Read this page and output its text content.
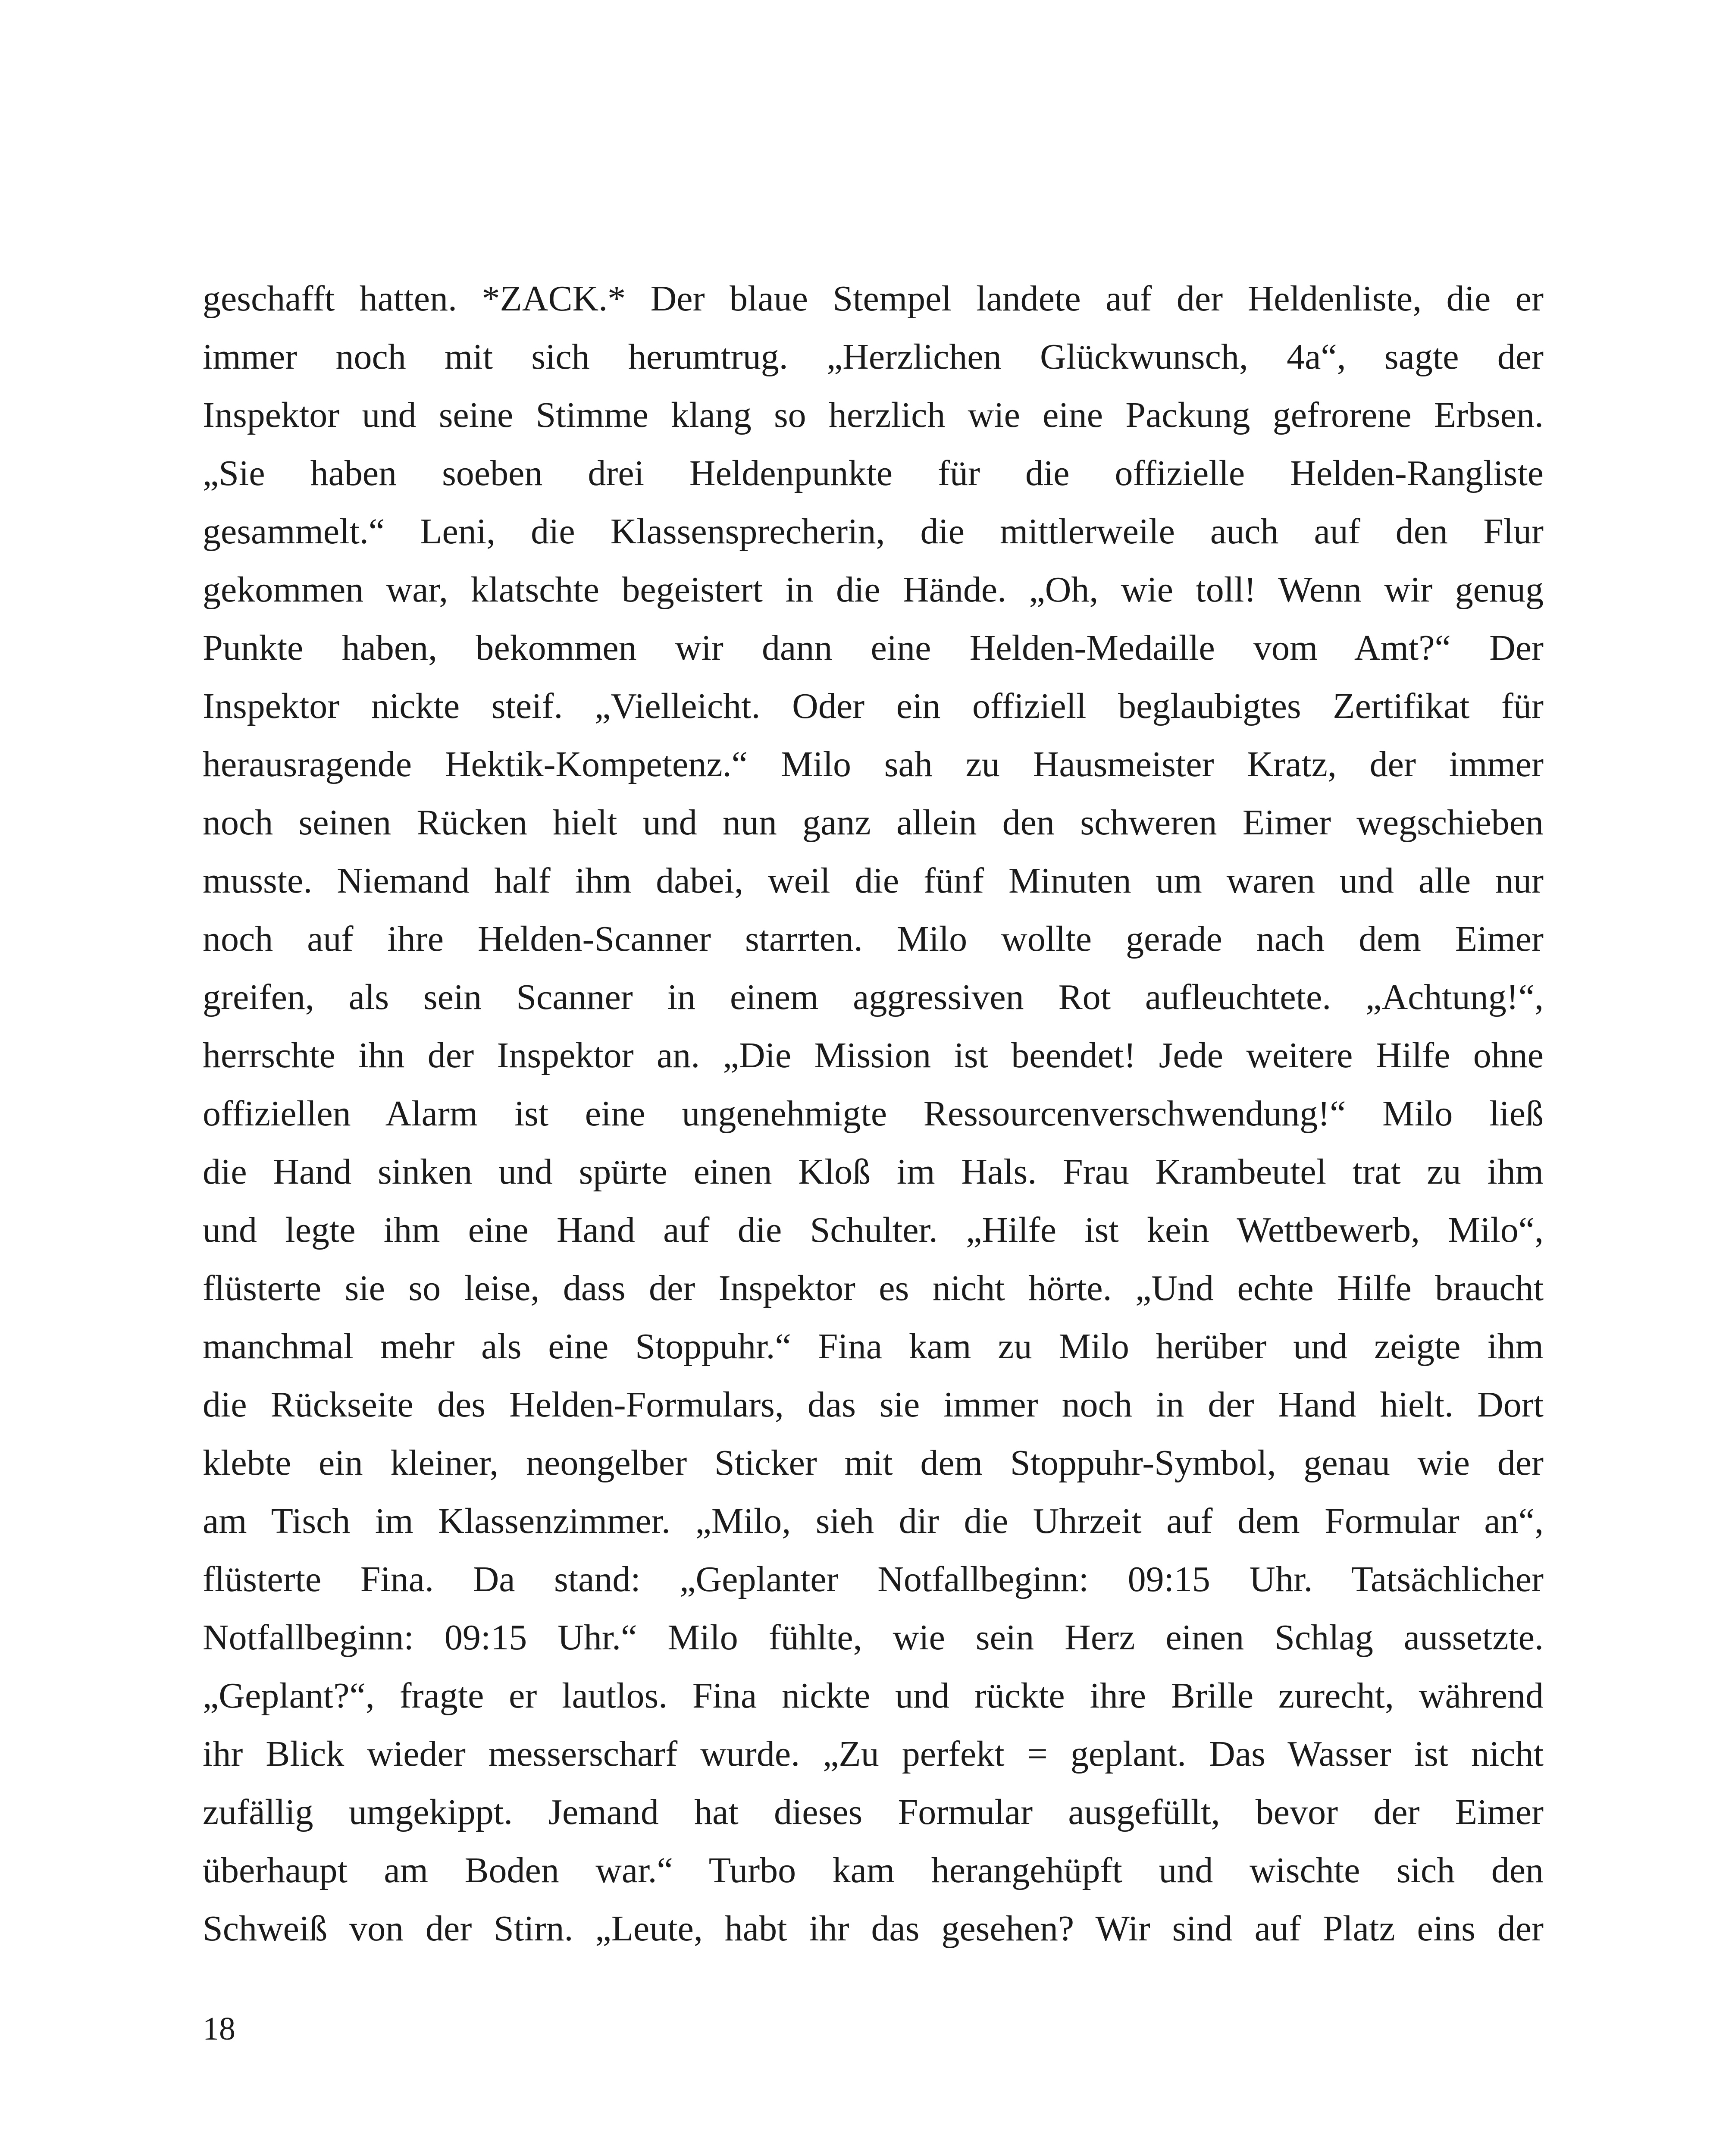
geschafft hatten. *ZACK.* Der blaue Stempel landete auf der Heldenliste, die er
immer noch mit sich herumtrug. „Herzlichen Glückwunsch, 4a“, sagte der
Inspektor und seine Stimme klang so herzlich wie eine Packung gefrorene Erbsen.
„Sie haben soeben drei Heldenpunkte für die offizielle Helden-Rangliste
gesammelt.“ Leni, die Klassensprecherin, die mittlerweile auch auf den Flur
gekommen war, klatschte begeistert in die Hände. „Oh, wie toll! Wenn wir genug
Punkte haben, bekommen wir dann eine Helden-Medaille vom Amt?“ Der
Inspektor nickte steif. „Vielleicht. Oder ein offiziell beglaubigtes Zertifikat für
herausragende Hektik-Kompetenz.“ Milo sah zu Hausmeister Kratz, der immer
noch seinen Rücken hielt und nun ganz allein den schweren Eimer wegschieben
musste. Niemand half ihm dabei, weil die fünf Minuten um waren und alle nur
noch auf ihre Helden-Scanner starrten. Milo wollte gerade nach dem Eimer
greifen, als sein Scanner in einem aggressiven Rot aufleuchtete. „Achtung!“,
herrschte ihn der Inspektor an. „Die Mission ist beendet! Jede weitere Hilfe ohne
offiziellen Alarm ist eine ungenehmigte Ressourcenverschwendung!“ Milo ließ
die Hand sinken und spürte einen Kloß im Hals. Frau Krambeutel trat zu ihm
und legte ihm eine Hand auf die Schulter. „Hilfe ist kein Wettbewerb, Milo“,
flüsterte sie so leise, dass der Inspektor es nicht hörte. „Und echte Hilfe braucht
manchmal mehr als eine Stoppuhr.“ Fina kam zu Milo herüber und zeigte ihm
die Rückseite des Helden-Formulars, das sie immer noch in der Hand hielt. Dort
klebte ein kleiner, neongelber Sticker mit dem Stoppuhr-Symbol, genau wie der
am Tisch im Klassenzimmer. „Milo, sieh dir die Uhrzeit auf dem Formular an“,
flüsterte Fina. Da stand: „Geplanter Notfallbeginn: 09:15 Uhr. Tatsächlicher
Notfallbeginn: 09:15 Uhr.“ Milo fühlte, wie sein Herz einen Schlag aussetzte.
„Geplant?“, fragte er lautlos. Fina nickte und rückte ihre Brille zurecht, während
ihr Blick wieder messerscharf wurde. „Zu perfekt = geplant. Das Wasser ist nicht
zufällig umgekippt. Jemand hat dieses Formular ausgefüllt, bevor der Eimer
überhaupt am Boden war.“ Turbo kam herangehüpft und wischte sich den
Schweiß von der Stirn. „Leute, habt ihr das gesehen? Wir sind auf Platz eins der
18
